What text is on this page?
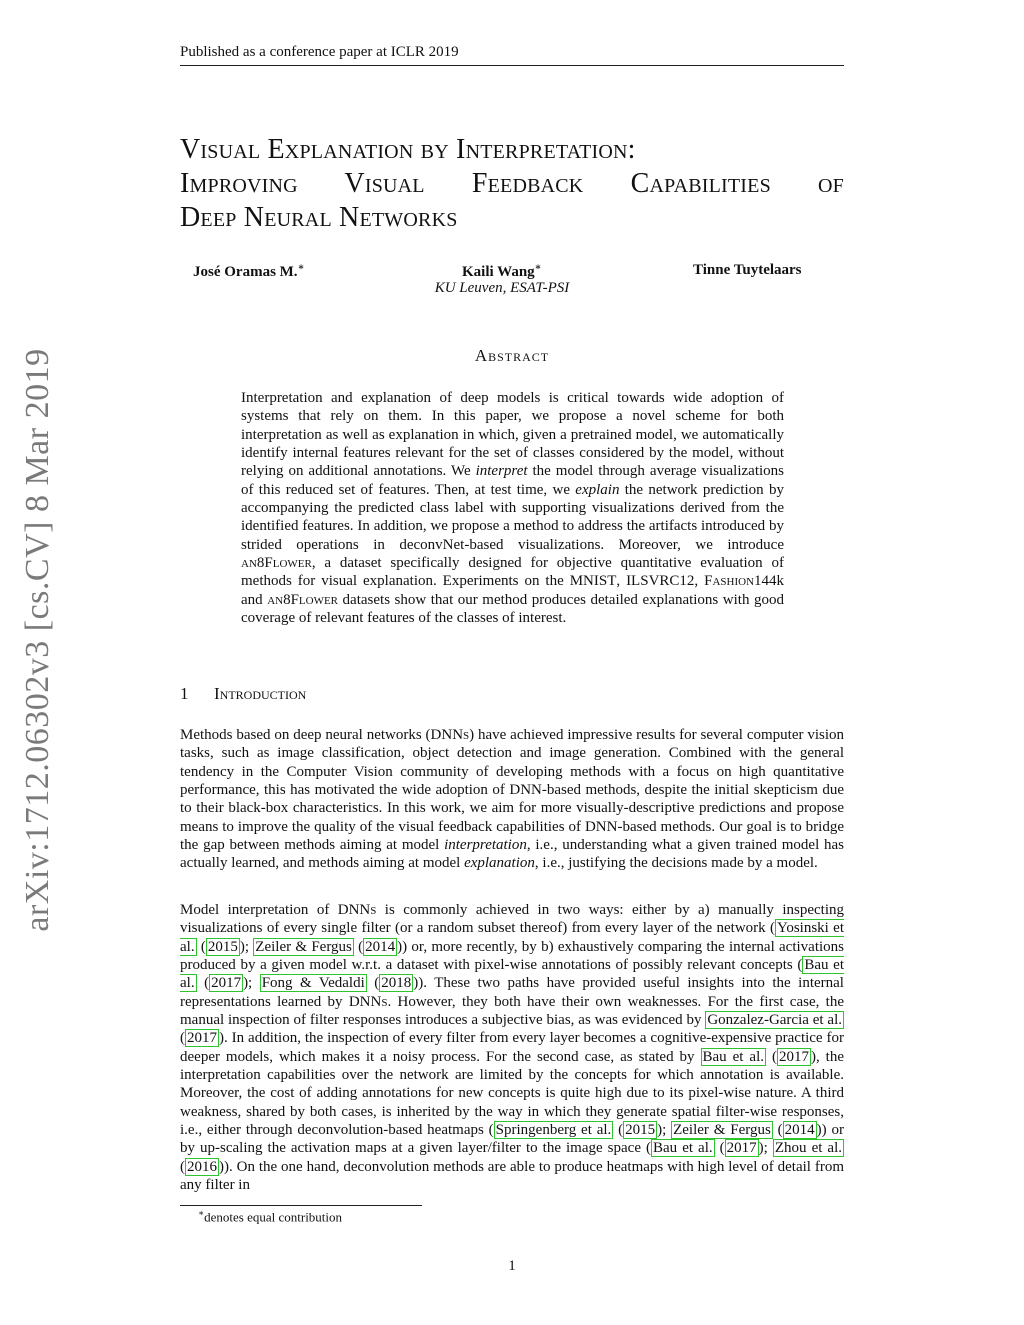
Published as a conference paper at ICLR 2019
Visual Explanation by Interpretation:
Improving Visual Feedback Capabilities of
Deep Neural Networks
José Oramas M.∗	Kaili Wang∗	Tinne Tuytelaars
KU Leuven, ESAT-PSI
Abstract

Interpretation and explanation of deep models is critical towards wide adoption of systems that rely on them. In this paper, we propose a novel scheme for both interpretation as well as explanation in which, given a pretrained model, we automatically identify internal features relevant for the set of classes considered by the model, without relying on additional annotations. We interpret the model through average visualizations of this reduced set of features. Then, at test time, we explain the network prediction by accompanying the predicted class label with supporting visualizations derived from the identified features. In addition, we propose a method to address the artifacts introduced by strided operations in deconvNet-based visualizations. Moreover, we introduce an8Flower, a dataset specifically designed for objective quantitative evaluation of methods for visual explanation. Experiments on the MNIST, ILSVRC12, Fashion144k and an8Flower datasets show that our method produces detailed explanations with good coverage of relevant features of the classes of interest.

1 Introduction

Methods based on deep neural networks (DNNs) have achieved impressive results for several computer vision tasks, such as image classification, object detection and image generation. Combined with the general tendency in the Computer Vision community of developing methods with a focus on high quantitative performance, this has motivated the wide adoption of DNN-based methods, despite the initial skepticism due to their black-box characteristics. In this work, we aim for more visually-descriptive predictions and propose means to improve the quality of the visual feedback capabilities of DNN-based methods. Our goal is to bridge the gap between methods aiming at model interpretation, i.e., understanding what a given trained model has actually learned, and methods aiming at model explanation, i.e., justifying the decisions made by a model.

Model interpretation of DNNs is commonly achieved in two ways: either by a) manually inspecting visualizations of every single filter (or a random subset thereof) from every layer of the network ( Yosinski et al. ( 2015 ); Zeiler & Fergus ( 2014 )) or, more recently, by b) exhaustively comparing the internal activations produced by a given model w.r.t. a dataset with pixel-wise annotations of possibly relevant concepts ( Bau et al. ( 2017 ); Fong & Vedaldi ( 2018 )). These two paths have provided useful insights into the internal representations learned by DNNs. However, they both have their own weaknesses. For the first case, the manual inspection of filter responses introduces a subjective bias, as was evidenced by Gonzalez-Garcia et al. ( 2017 ). In addition, the inspection of every filter from every layer becomes a cognitive-expensive practice for deeper models, which makes it a noisy process. For the second case, as stated by Bau et al. ( 2017 ), the interpretation capabilities over the network are limited by the concepts for which annotation is available. Moreover, the cost of adding annotations for new concepts is quite high due to its pixel-wise nature. A third weakness, shared by both cases, is inherited by the way in which they generate spatial filter-wise responses, i.e., either through deconvolution-based heatmaps ( Springenberg et al. ( 2015 ); Zeiler & Fergus ( 2014 )) or by up-scaling the activation maps at a given layer/filter to the image space ( Bau et al. ( 2017 ); Zhou et al. ( 2016 )). On the one hand, deconvolution methods are able to produce heatmaps with high level of detail from any filter in

∗denotes equal contribution
1
arXiv:1712.06302v3 [cs.CV] 8 Mar 2019
